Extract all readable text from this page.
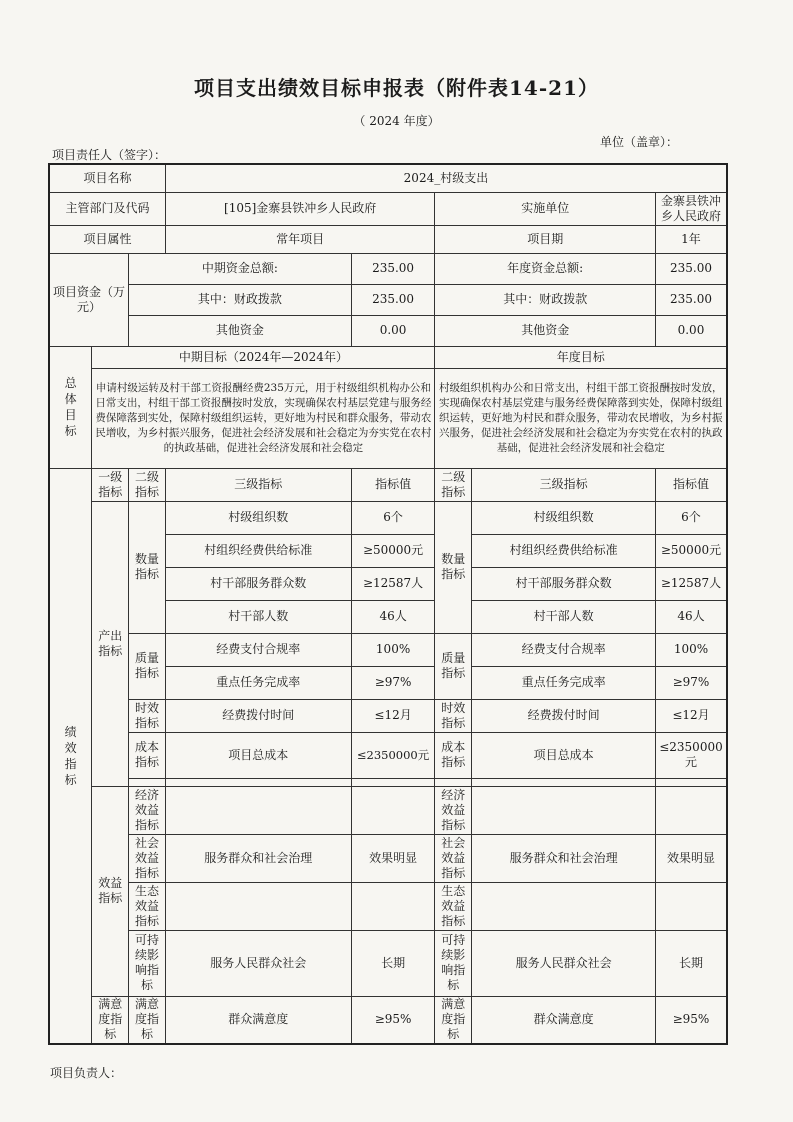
项目支出绩效目标申报表（附件表14-21）
（ 2024 年度）
单位（盖章）：
项目责任人（签字）：
项目名称			2024_村级支出				
主管部门及代码			[105]金寨县铁冲乡人民政府		实施单位		金寨县铁冲乡人民政府
项目属性			常年项目		项目期		1年
项目资金（万元）		中期资金总额:		235.00	年度资金总额:		235.00
		其中：财政拨款		235.00	其中：财政拨款		235.00
		其他资金		0.00	其他资金		0.00

总体目标	中期目标（2024年—2024年）				年度目标		
	申请村级运转及村干部工资报酬经费235万元，用于村级组织机构办公和日常支出，村组干部工资报酬按时发放，实现确保农村基层党建与服务经费保障落到实处，保障村级组织运转，更好地为村民和群众服务，带动农民增收，为乡村振兴服务，促进社会经济发展和社会稳定为夯实党在农村的执政基础，促进社会经济发展和社会稳定				村级组织机构办公和日常支出，村组干部工资报酬按时发放，实现确保农村基层党建与服务经费保障落到实处，保障村级组织运转，更好地为村民和群众服务，带动农民增收，为乡村振兴服务，促进社会经济发展和社会稳定为夯实党在农村的执政基础，促进社会经济发展和社会稳定		

绩效指标	一级指标	二级指标	三级指标	指标值	二级指标	三级指标	指标值
	产出指标	数量指标	村级组织数	6个	数量指标	村级组织数	6个
			村组织经费供给标准	≥50000元		村组织经费供给标准	≥50000元
			村干部服务群众数	≥12587人		村干部服务群众数	≥12587人
			村干部人数	46人		村干部人数	46人
		质量指标	经费支付合规率	100%	质量指标	经费支付合规率	100%
			重点任务完成率	≥97%		重点任务完成率	≥97%
		时效指标	经费拨付时间	≤12月	时效指标	经费拨付时间	≤12月
		成本指标	项目总成本	≤2350000元	成本指标	项目总成本	≤2350000元

	效益指标	经济效益指标			经济效益指标		
		社会效益指标	服务群众和社会治理	效果明显	社会效益指标	服务群众和社会治理	效果明显
		生态效益指标			生态效益指标		
		可持续影响指标	服务人民群众社会	长期	可持续影响指标	服务人民群众社会	长期
	满意度指标	满意度指标	群众满意度	≥95%	满意度指标	群众满意度	≥95%
项目负责人：
